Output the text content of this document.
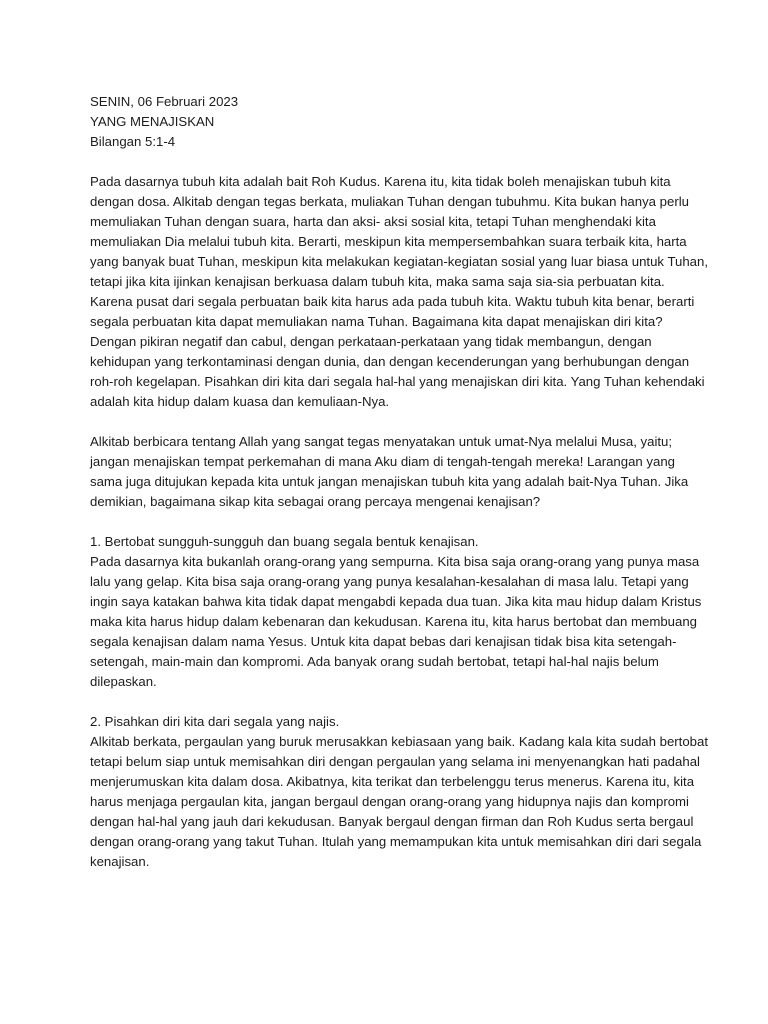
SENIN, 06 Februari 2023
YANG MENAJISKAN
Bilangan 5:1-4
Pada dasarnya tubuh kita adalah bait Roh Kudus. Karena itu, kita tidak boleh menajiskan tubuh kita
dengan dosa. Alkitab dengan tegas berkata, muliakan Tuhan dengan tubuhmu. Kita bukan hanya perlu
memuliakan Tuhan dengan suara, harta dan aksi- aksi sosial kita, tetapi Tuhan menghendaki kita
memuliakan Dia melalui tubuh kita. Berarti, meskipun kita mempersembahkan suara terbaik kita, harta
yang banyak buat Tuhan, meskipun kita melakukan kegiatan-kegiatan sosial yang luar biasa untuk Tuhan,
tetapi jika kita ijinkan kenajisan berkuasa dalam tubuh kita, maka sama saja sia-sia perbuatan kita.
Karena pusat dari segala perbuatan baik kita harus ada pada tubuh kita. Waktu tubuh kita benar, berarti
segala perbuatan kita dapat memuliakan nama Tuhan. Bagaimana kita dapat menajiskan diri kita?
Dengan pikiran negatif dan cabul, dengan perkataan-perkataan yang tidak membangun, dengan
kehidupan yang terkontaminasi dengan dunia, dan dengan kecenderungan yang berhubungan dengan
roh-roh kegelapan. Pisahkan diri kita dari segala hal-hal yang menajiskan diri kita. Yang Tuhan kehendaki
adalah kita hidup dalam kuasa dan kemuliaan-Nya.
Alkitab berbicara tentang Allah yang sangat tegas menyatakan untuk umat-Nya melalui Musa, yaitu;
jangan menajiskan tempat perkemahan di mana Aku diam di tengah-tengah mereka! Larangan yang
sama juga ditujukan kepada kita untuk jangan menajiskan tubuh kita yang adalah bait-Nya Tuhan. Jika
demikian, bagaimana sikap kita sebagai orang percaya mengenai kenajisan?
1. Bertobat sungguh-sungguh dan buang segala bentuk kenajisan.
Pada dasarnya kita bukanlah orang-orang yang sempurna. Kita bisa saja orang-orang yang punya masa
lalu yang gelap. Kita bisa saja orang-orang yang punya kesalahan-kesalahan di masa lalu. Tetapi yang
ingin saya katakan bahwa kita tidak dapat mengabdi kepada dua tuan. Jika kita mau hidup dalam Kristus
maka kita harus hidup dalam kebenaran dan kekudusan. Karena itu, kita harus bertobat dan membuang
segala kenajisan dalam nama Yesus. Untuk kita dapat bebas dari kenajisan tidak bisa kita setengah-
setengah, main-main dan kompromi. Ada banyak orang sudah bertobat, tetapi hal-hal najis belum
dilepaskan.
2. Pisahkan diri kita dari segala yang najis.
Alkitab berkata, pergaulan yang buruk merusakkan kebiasaan yang baik. Kadang kala kita sudah bertobat
tetapi belum siap untuk memisahkan diri dengan pergaulan yang selama ini menyenangkan hati padahal
menjerumuskan kita dalam dosa. Akibatnya, kita terikat dan terbelenggu terus menerus. Karena itu, kita
harus menjaga pergaulan kita, jangan bergaul dengan orang-orang yang hidupnya najis dan kompromi
dengan hal-hal yang jauh dari kekudusan. Banyak bergaul dengan firman dan Roh Kudus serta bergaul
dengan orang-orang yang takut Tuhan. Itulah yang memampukan kita untuk memisahkan diri dari segala
kenajisan.
